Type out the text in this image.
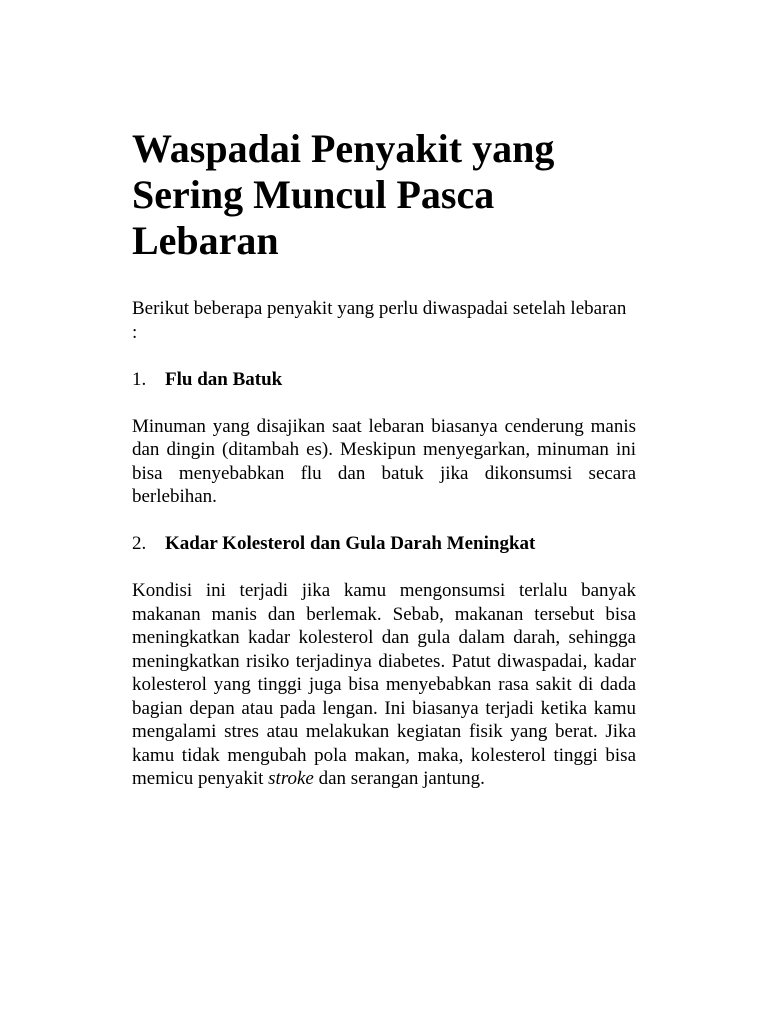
Waspadai Penyakit yang Sering Muncul Pasca Lebaran

Berikut beberapa penyakit yang perlu diwaspadai setelah lebaran :

1. Flu dan Batuk

Minuman yang disajikan saat lebaran biasanya cenderung manis dan dingin (ditambah es). Meskipun menyegarkan, minuman ini bisa menyebabkan flu dan batuk jika dikonsumsi secara berlebihan.

2. Kadar Kolesterol dan Gula Darah Meningkat

Kondisi ini terjadi jika kamu mengonsumsi terlalu banyak makanan manis dan berlemak. Sebab, makanan tersebut bisa meningkatkan kadar kolesterol dan gula dalam darah, sehingga meningkatkan risiko terjadinya diabetes. Patut diwaspadai, kadar kolesterol yang tinggi juga bisa menyebabkan rasa sakit di dada bagian depan atau pada lengan. Ini biasanya terjadi ketika kamu mengalami stres atau melakukan kegiatan fisik yang berat. Jika kamu tidak mengubah pola makan, maka, kolesterol tinggi bisa memicu penyakit stroke dan serangan jantung.
